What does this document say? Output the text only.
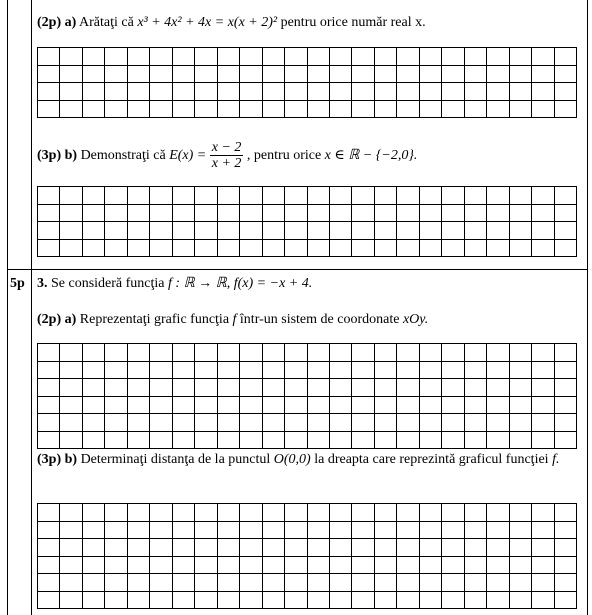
(2p) a) Arătaţi că x³ + 4x² + 4x = x(x + 2)² pentru orice număr real x.
(3p) b) Demonstraţi că $E(x) = \frac{x - 2}{x + 2}$ , pentru orice x ∈ ℝ − {−2,0}.
5p 3. Se consideră funcţia f : ℝ → ℝ, f(x) = −x + 4.
(2p) a) Reprezentaţi grafic funcţia f într-un sistem de coordonate xOy.
(3p) b) Determinaţi distanţa de la punctul O(0,0) la dreapta care reprezintă graficul funcţiei f.
